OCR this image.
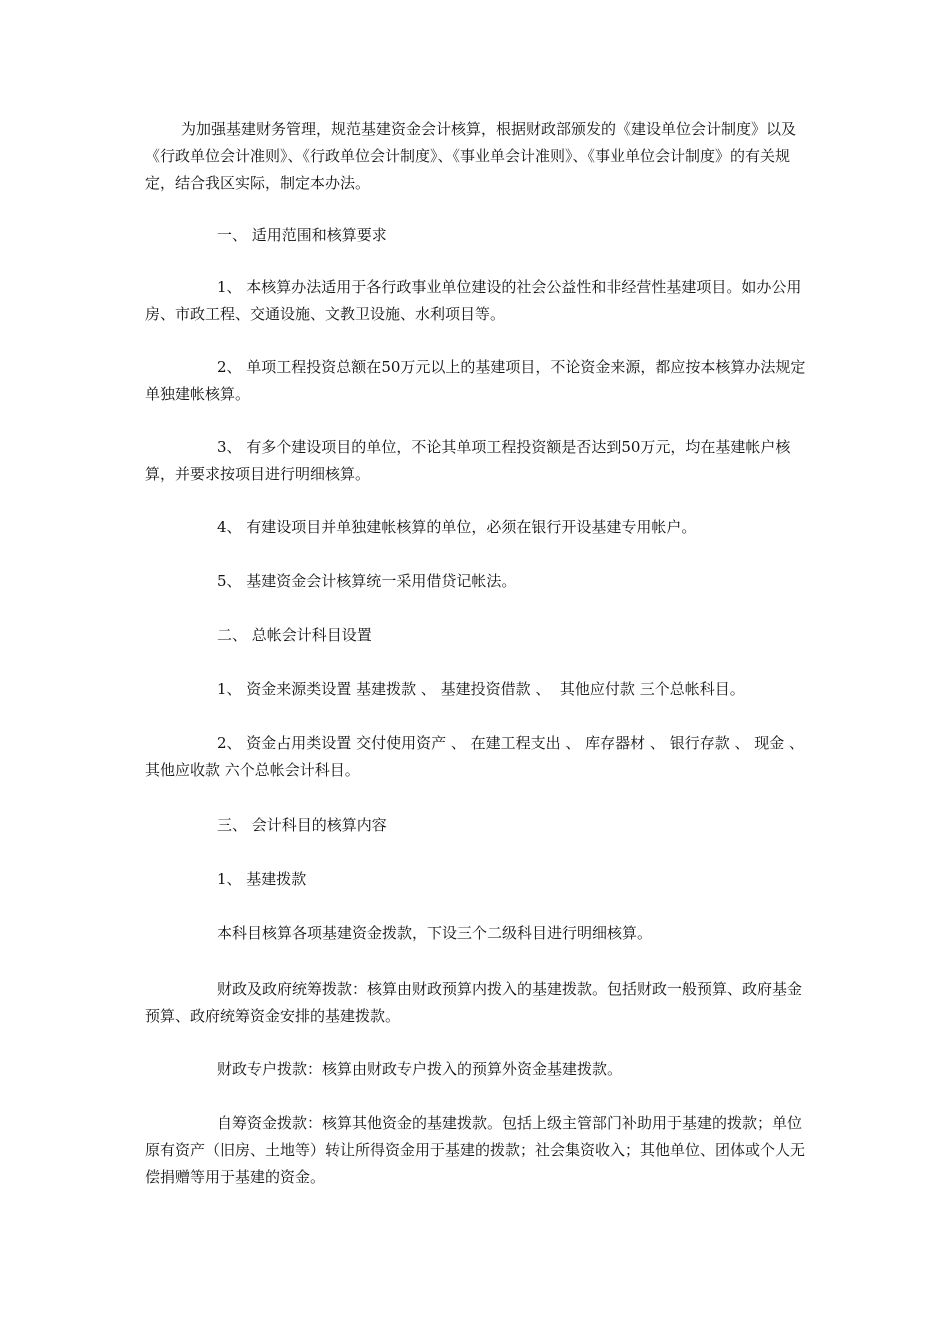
为加强基建财务管理，规范基建资金会计核算，根据财政部颁发的《建设单位会计制度》以及《行政单位会计准则》、《行政单位会计制度》、《事业单会计准则》、《事业单位会计制度》的有关规定，结合我区实际，制定本办法。

一、 适用范围和核算要求

1、 本核算办法适用于各行政事业单位建设的社会公益性和非经营性基建项目。如办公用房、市政工程、交通设施、文教卫设施、水利项目等。

2、 单项工程投资总额在50万元以上的基建项目，不论资金来源，都应按本核算办法规定单独建帐核算。

3、 有多个建设项目的单位，不论其单项工程投资额是否达到50万元，均在基建帐户核算，并要求按项目进行明细核算。

4、 有建设项目并单独建帐核算的单位，必须在银行开设基建专用帐户。

5、 基建资金会计核算统一采用借贷记帐法。

二、 总帐会计科目设置

1、 资金来源类设置 基建拨款 、 基建投资借款 、  其他应付款 三个总帐科目。

2、 资金占用类设置 交付使用资产 、 在建工程支出 、 库存器材 、 银行存款 、 现金 、 其他应收款 六个总帐会计科目。

三、 会计科目的核算内容

1、 基建拨款

本科目核算各项基建资金拨款，下设三个二级科目进行明细核算。

财政及政府统筹拨款：核算由财政预算内拨入的基建拨款。包括财政一般预算、政府基金预算、政府统筹资金安排的基建拨款。

财政专户拨款：核算由财政专户拨入的预算外资金基建拨款。

自筹资金拨款：核算其他资金的基建拨款。包括上级主管部门补助用于基建的拨款；单位原有资产（旧房、土地等）转让所得资金用于基建的拨款；社会集资收入；其他单位、团体或个人无偿捐赠等用于基建的资金。
